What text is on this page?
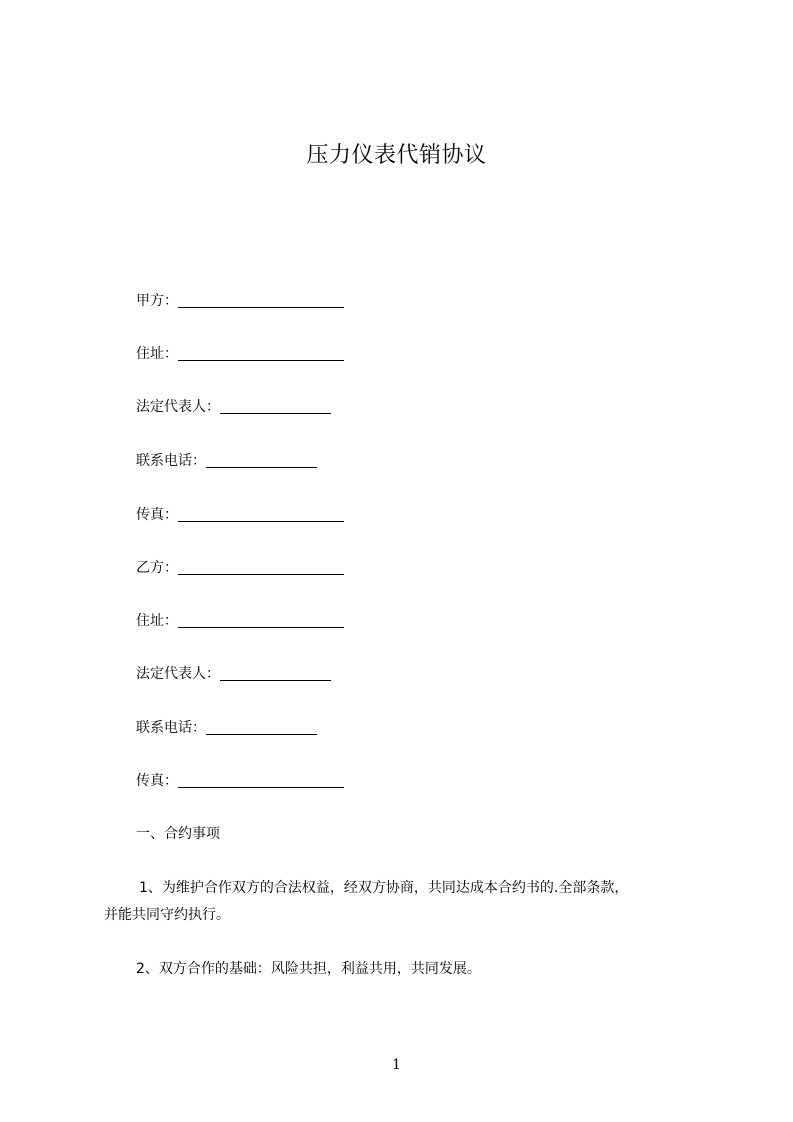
压力仪表代销协议
甲方：
住址：
法定代表人：
联系电话：
传真：
乙方：
住址：
法定代表人：
联系电话：
传真：
一、合约事项
1、为维护合作双方的合法权益，经双方协商，共同达成本合约书的.全部条款，
并能共同守约执行。
2、双方合作的基础：风险共担，利益共用，共同发展。
1
